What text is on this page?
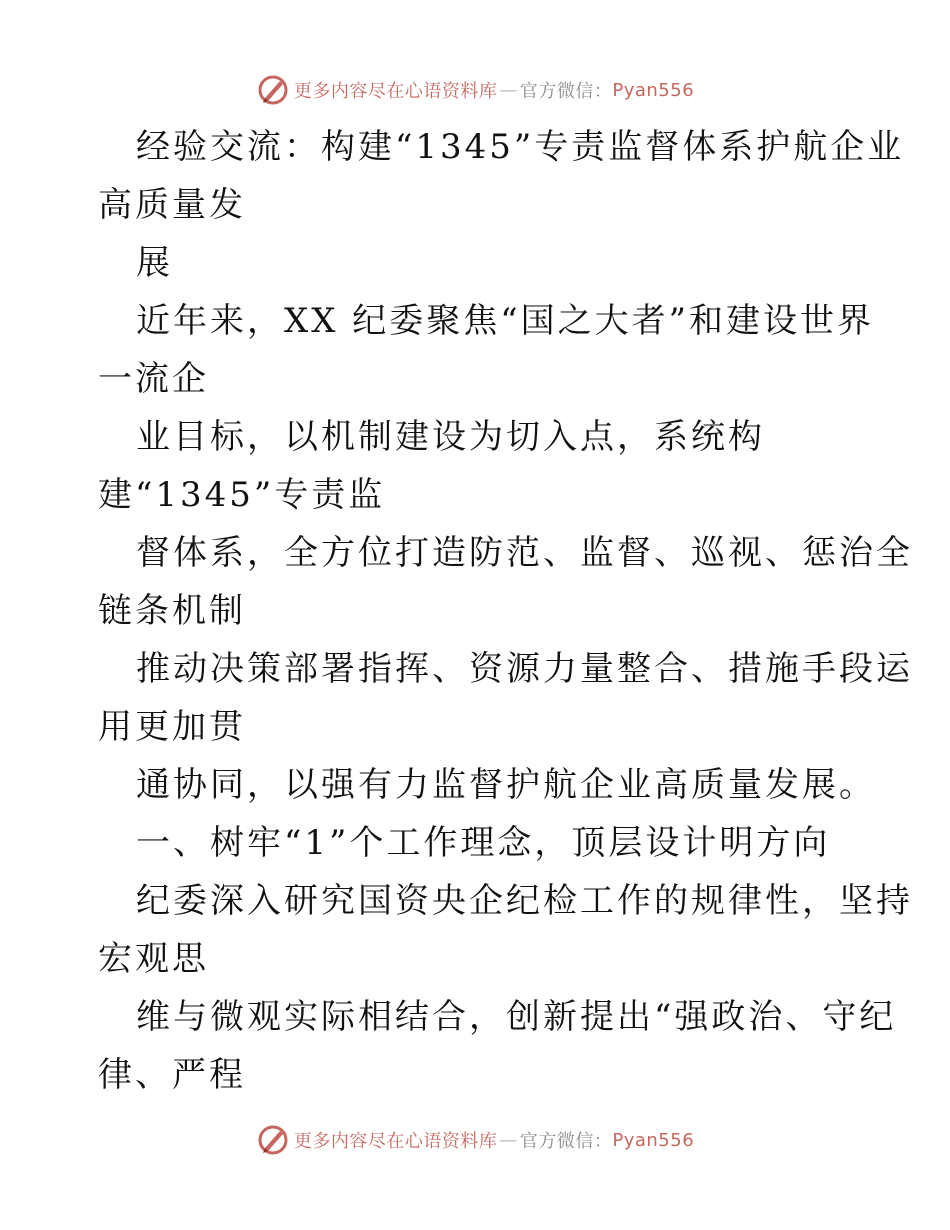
更多内容尽在心语资料库 — 官方微信： Pyan556
经验交流：构建“1345”专责监督体系护航企业
高质量发
展
近年来，XX 纪委聚焦“国之大者”和建设世界
一流企
业目标，以机制建设为切入点，系统构
建“1345”专责监
督体系，全方位打造防范、监督、巡视、惩治全
链条机制
推动决策部署指挥、资源力量整合、措施手段运
用更加贯
通协同，以强有力监督护航企业高质量发展。
一、树牢“1”个工作理念，顶层设计明方向
纪委深入研究国资央企纪检工作的规律性，坚持
宏观思
维与微观实际相结合，创新提出“强政治、守纪
律、严程
更多内容尽在心语资料库 — 官方微信： Pyan556
